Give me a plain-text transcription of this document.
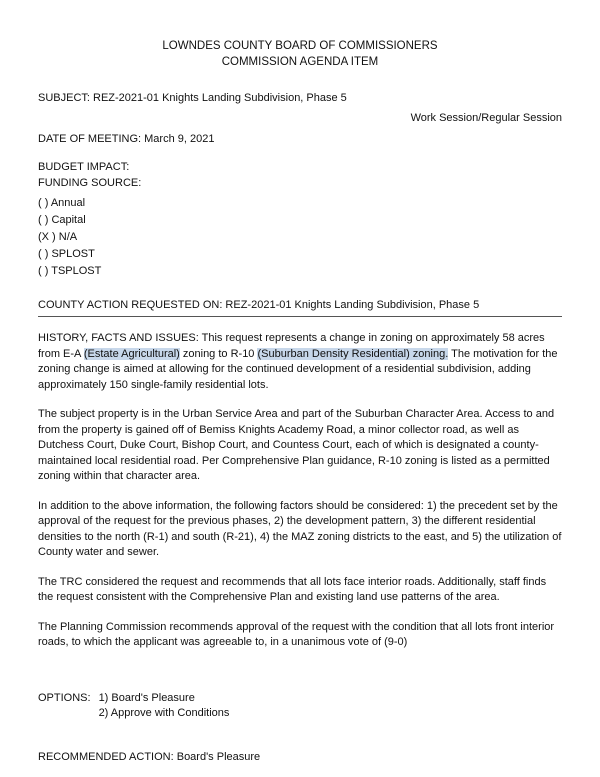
LOWNDES COUNTY BOARD OF COMMISSIONERS
COMMISSION AGENDA ITEM
SUBJECT: REZ-2021-01 Knights Landing Subdivision, Phase 5
Work Session/Regular Session
DATE OF MEETING: March 9, 2021
BUDGET IMPACT:
FUNDING SOURCE:
( ) Annual
( ) Capital
(X ) N/A
( ) SPLOST
( ) TSPLOST
COUNTY ACTION REQUESTED ON: REZ-2021-01 Knights Landing Subdivision, Phase 5

HISTORY, FACTS AND ISSUES: This request represents a change in zoning on approximately 58 acres from E-A (Estate Agricultural) zoning to R-10 (Suburban Density Residential) zoning. The motivation for the zoning change is aimed at allowing for the continued development of a residential subdivision, adding approximately 150 single-family residential lots.

The subject property is in the Urban Service Area and part of the Suburban Character Area. Access to and from the property is gained off of Bemiss Knights Academy Road, a minor collector road, as well as Dutchess Court, Duke Court, Bishop Court, and Countess Court, each of which is designated a county-maintained local residential road. Per Comprehensive Plan guidance, R-10 zoning is listed as a permitted zoning within that character area.

In addition to the above information, the following factors should be considered: 1) the precedent set by the approval of the request for the previous phases, 2) the development pattern, 3) the different residential densities to the north (R-1) and south (R-21), 4) the MAZ zoning districts to the east, and 5) the utilization of County water and sewer.

The TRC considered the request and recommends that all lots face interior roads. Additionally, staff finds the request consistent with the Comprehensive Plan and existing land use patterns of the area.

The Planning Commission recommends approval of the request with the condition that all lots front interior roads, to which the applicant was agreeable to, in a unanimous vote of (9-0)

OPTIONS: 1) Board's Pleasure
2) Approve with Conditions
RECOMMENDED ACTION: Board's Pleasure
